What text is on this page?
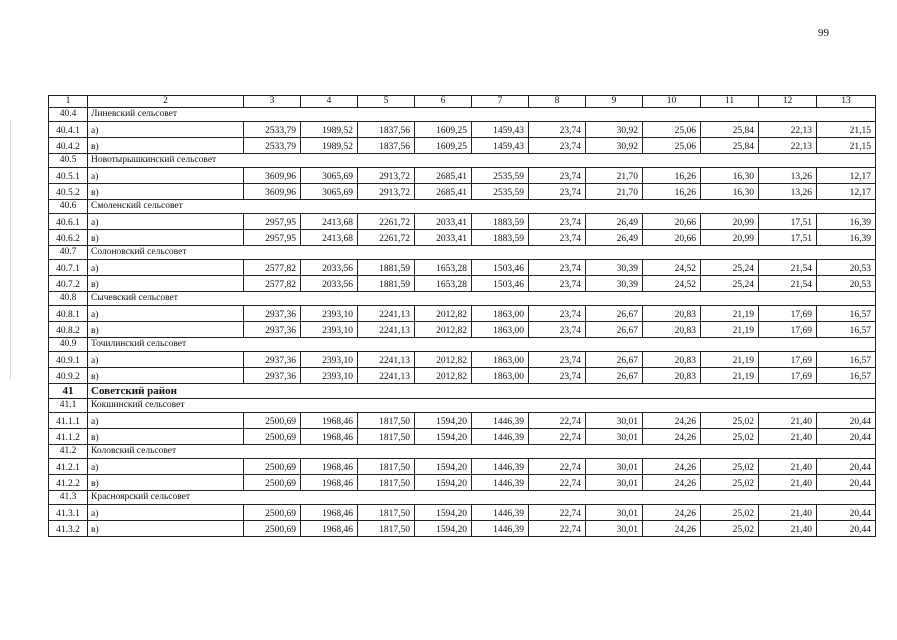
99
1	2	3	4	5	6	7	8	9	10	11	12	13
40.4	Линевский сельсовет											
40.4.1	а)	2533,79	1989,52	1837,56	1609,25	1459,43	23,74	30,92	25,06	25,84	22,13	21,15
40.4.2	в)	2533,79	1989,52	1837,56	1609,25	1459,43	23,74	30,92	25,06	25,84	22,13	21,15
40.5	Новотырышкинский сельсовет											
40.5.1	а)	3609,96	3065,69	2913,72	2685,41	2535,59	23,74	21,70	16,26	16,30	13,26	12,17
40.5.2	в)	3609,96	3065,69	2913,72	2685,41	2535,59	23,74	21,70	16,26	16,30	13,26	12,17
40.6	Смоленский сельсовет											
40.6.1	а)	2957,95	2413,68	2261,72	2033,41	1883,59	23,74	26,49	20,66	20,99	17,51	16,39
40.6.2	в)	2957,95	2413,68	2261,72	2033,41	1883,59	23,74	26,49	20,66	20,99	17,51	16,39
40.7	Солоновский сельсовет											
40.7.1	а)	2577,82	2033,56	1881,59	1653,28	1503,46	23,74	30,39	24,52	25,24	21,54	20,53
40.7.2	в)	2577,82	2033,56	1881,59	1653,28	1503,46	23,74	30,39	24,52	25,24	21,54	20,53
40.8	Сычевский сельсовет											
40.8.1	а)	2937,36	2393,10	2241,13	2012,82	1863,00	23,74	26,67	20,83	21,19	17,69	16,57
40.8.2	в)	2937,36	2393,10	2241,13	2012,82	1863,00	23,74	26,67	20,83	21,19	17,69	16,57
40.9	Точилинский сельсовет											
40.9.1	а)	2937,36	2393,10	2241,13	2012,82	1863,00	23,74	26,67	20,83	21,19	17,69	16,57
40.9.2	в)	2937,36	2393,10	2241,13	2012,82	1863,00	23,74	26,67	20,83	21,19	17,69	16,57
41	Советский район											
41.1	Кокшинский сельсовет											
41.1.1	а)	2500,69	1968,46	1817,50	1594,20	1446,39	22,74	30,01	24,26	25,02	21,40	20,44
41.1.2	в)	2500,69	1968,46	1817,50	1594,20	1446,39	22,74	30,01	24,26	25,02	21,40	20,44
41.2	Коловский сельсовет											
41.2.1	а)	2500,69	1968,46	1817,50	1594,20	1446,39	22,74	30,01	24,26	25,02	21,40	20,44
41.2.2	в)	2500,69	1968,46	1817,50	1594,20	1446,39	22,74	30,01	24,26	25,02	21,40	20,44
41.3	Красноярский сельсовет											
41.3.1	а)	2500,69	1968,46	1817,50	1594,20	1446,39	22,74	30,01	24,26	25,02	21,40	20,44
41.3.2	в)	2500,69	1968,46	1817,50	1594,20	1446,39	22,74	30,01	24,26	25,02	21,40	20,44
